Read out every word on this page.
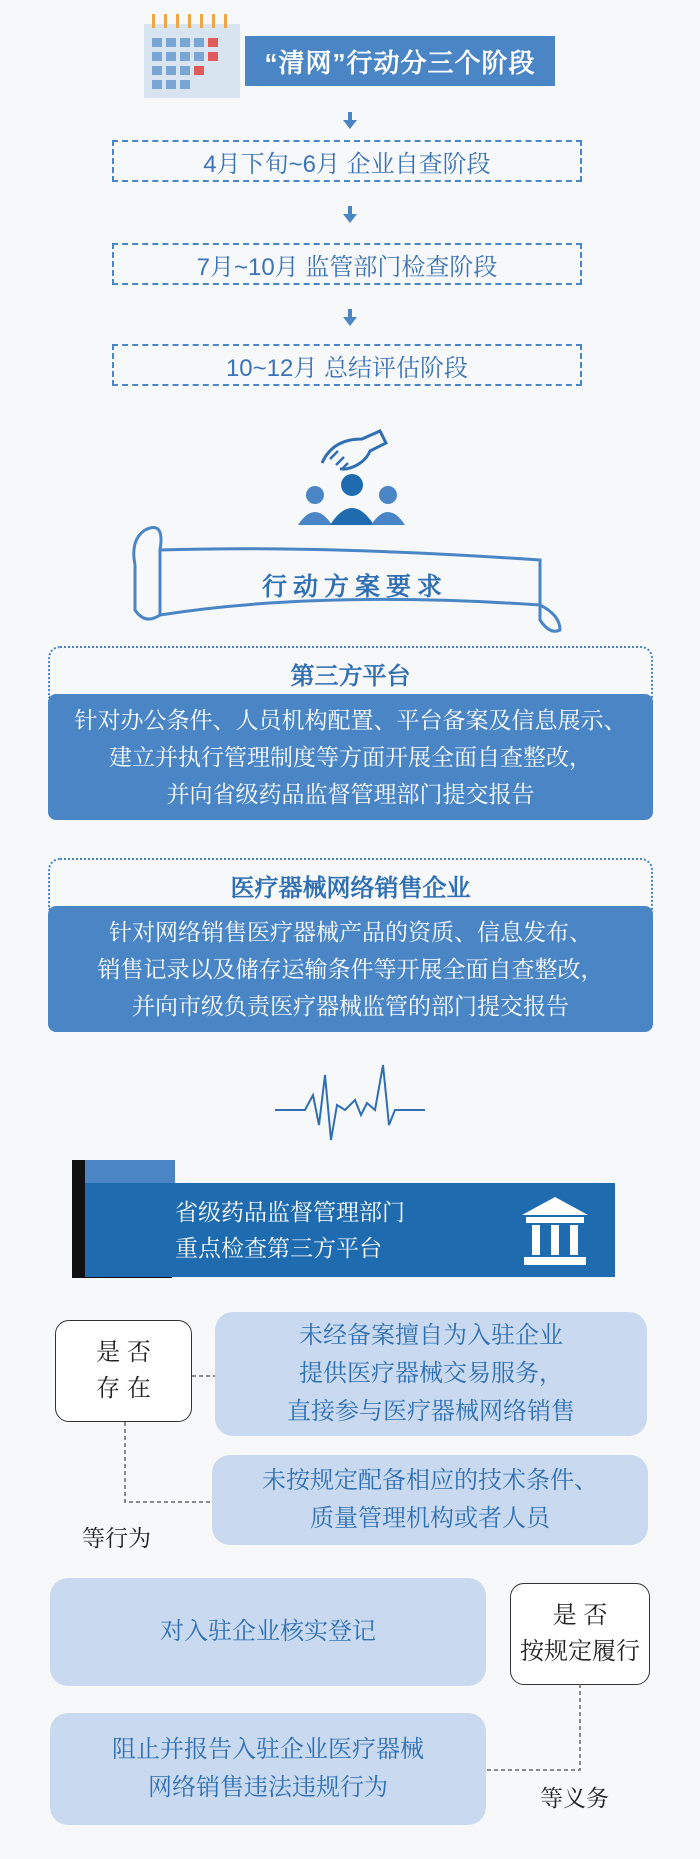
“清网”行动分三个阶段
4月下旬~6月 企业自查阶段
7月~10月 监管部门检查阶段
10~12月 总结评估阶段
行动方案要求
第三方平台
针对办公条件、人员机构配置、平台备案及信息展示、
建立并执行管理制度等方面开展全面自查整改，
并向省级药品监督管理部门提交报告
医疗器械网络销售企业
针对网络销售医疗器械产品的资质、信息发布、
销售记录以及储存运输条件等开展全面自查整改，
并向市级负责医疗器械监管的部门提交报告
省级药品监督管理部门
重点检查第三方平台
是 否
存 在
未经备案擅自为入驻企业
提供医疗器械交易服务，
直接参与医疗器械网络销售
未按规定配备相应的技术条件、
质量管理机构或者人员
等行为
对入驻企业核实登记
是 否
按规定履行
阻止并报告入驻企业医疗器械
网络销售违法违规行为	等义务
